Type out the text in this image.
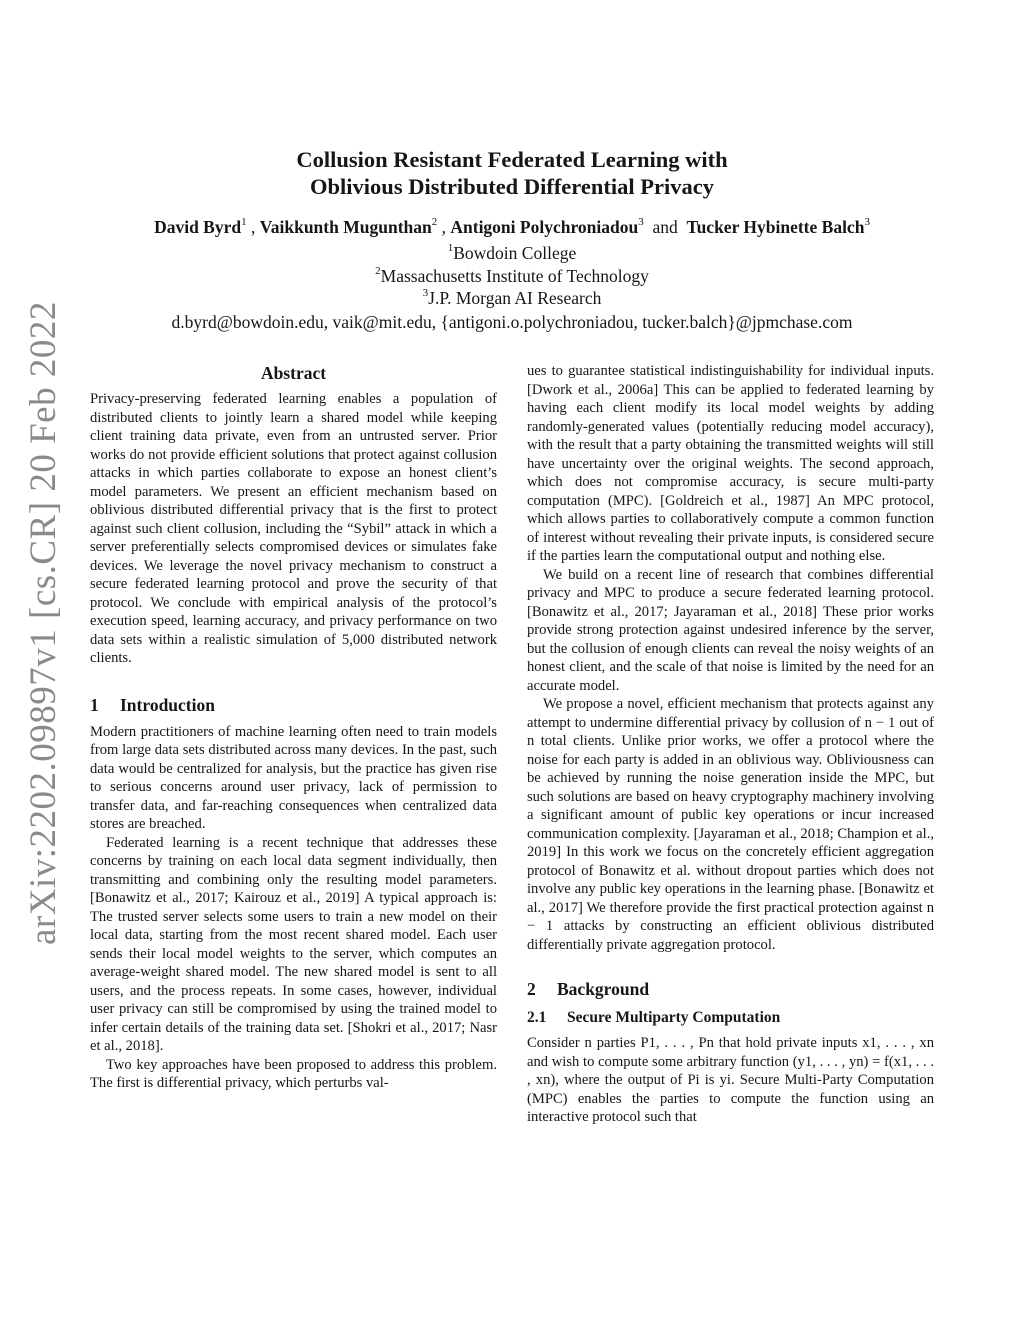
Collusion Resistant Federated Learning with
Oblivious Distributed Differential Privacy
David Byrd$^1$ , Vaikkunth Mugunthan$^2$ , Antigoni Polychroniadou$^3$ and Tucker Hybinette Balch$^3$
$^1$Bowdoin College
$^2$Massachusetts Institute of Technology
$^3$J.P. Morgan AI Research
d.byrd@bowdoin.edu, vaik@mit.edu, {antigoni.o.polychroniadou, tucker.balch}@jpmchase.com
arXiv:2202.09897v1 [cs.CR] 20 Feb 2022	Abstract

Privacy-preserving federated learning enables a population of distributed clients to jointly learn a shared model while keeping client training data private, even from an untrusted server. Prior works do not provide efficient solutions that protect against collusion attacks in which parties collaborate to expose an honest client’s model parameters. We present an efficient mechanism based on oblivious distributed differential privacy that is the first to protect against such client collusion, including the “Sybil” attack in which a server preferentially selects compromised devices or simulates fake devices. We leverage the novel privacy mechanism to construct a secure federated learning protocol and prove the security of that protocol. We conclude with empirical analysis of the protocol’s execution speed, learning accuracy, and privacy performance on two data sets within a realistic simulation of 5,000 distributed network clients.

1 Introduction

Modern practitioners of machine learning often need to train models from large data sets distributed across many devices. In the past, such data would be centralized for analysis, but the practice has given rise to serious concerns around user privacy, lack of permission to transfer data, and far-reaching consequences when centralized data stores are breached.

Federated learning is a recent technique that addresses these concerns by training on each local data segment individually, then transmitting and combining only the resulting model parameters. [Bonawitz et al., 2017; Kairouz et al., 2019] A typical approach is: The trusted server selects some users to train a new model on their local data, starting from the most recent shared model. Each user sends their local model weights to the server, which computes an average-weight shared model. The new shared model is sent to all users, and the process repeats. In some cases, however, individual user privacy can still be compromised by using the trained model to infer certain details of the training data set. [Shokri et al., 2017; Nasr et al., 2018].

Two key approaches have been proposed to address this problem. The first is differential privacy, which perturbs val-

ues to guarantee statistical indistinguishability for individual inputs. [Dwork et al., 2006a] This can be applied to federated learning by having each client modify its local model weights by adding randomly-generated values (potentially reducing model accuracy), with the result that a party obtaining the transmitted weights will still have uncertainty over the original weights. The second approach, which does not compromise accuracy, is secure multi-party computation (MPC). [Goldreich et al., 1987] An MPC protocol, which allows parties to collaboratively compute a common function of interest without revealing their private inputs, is considered secure if the parties learn the computational output and nothing else.

We build on a recent line of research that combines differential privacy and MPC to produce a secure federated learning protocol. [Bonawitz et al., 2017; Jayaraman et al., 2018] These prior works provide strong protection against undesired inference by the server, but the collusion of enough clients can reveal the noisy weights of an honest client, and the scale of that noise is limited by the need for an accurate model.

We propose a novel, efficient mechanism that protects against any attempt to undermine differential privacy by collusion of n − 1 out of n total clients. Unlike prior works, we offer a protocol where the noise for each party is added in an oblivious way. Obliviousness can be achieved by running the noise generation inside the MPC, but such solutions are based on heavy cryptography machinery involving a significant amount of public key operations or incur increased communication complexity. [Jayaraman et al., 2018; Champion et al., 2019] In this work we focus on the concretely efficient aggregation protocol of Bonawitz et al. without dropout parties which does not involve any public key operations in the learning phase. [Bonawitz et al., 2017] We therefore provide the first practical protection against n − 1 attacks by constructing an efficient oblivious distributed differentially private aggregation protocol.

2 Background
2.1 Secure Multiparty Computation

Consider n parties P1, . . . , Pn that hold private inputs x1, . . . , xn and wish to compute some arbitrary function (y1, . . . , yn) = f(x1, . . . , xn), where the output of Pi is yi. Secure Multi-Party Computation (MPC) enables the parties to compute the function using an interactive protocol such that
